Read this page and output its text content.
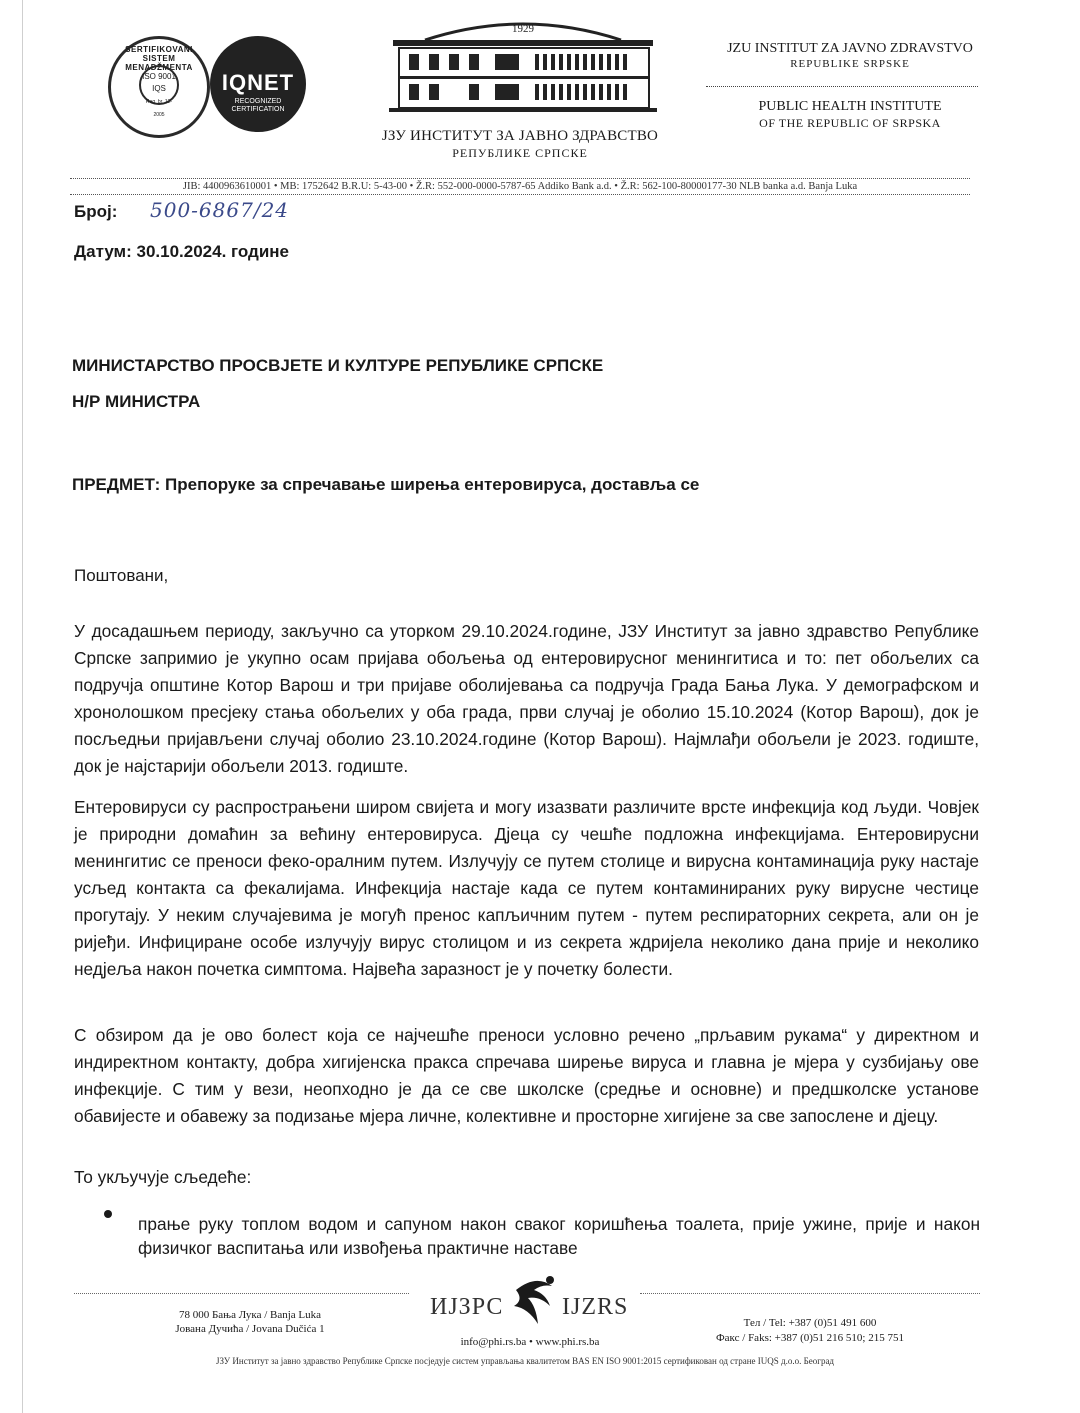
SERTIFIKOVANI SISTEM MENADŽMENTA
ISO 9001
IQS
Reg. br. 12-2005
IQNET
RECOGNIZED
CERTIFICATION
1929
ЈЗУ ИНСТИТУТ ЗА ЈАВНО ЗДРАВСТВО
РЕПУБЛИКЕ СРПСКЕ
JZU INSTITUT ZA JAVNO ZDRAVSTVO
REPUBLIKE SRPSKE
PUBLIC HEALTH INSTITUTE
OF THE REPUBLIC OF SRPSKA
JIB: 4400963610001 • MB: 1752642 B.R.U: 5-43-00 • Ž.R: 552-000-0000-5787-65 Addiko Bank a.d. • Ž.R: 562-100-80000177-30 NLB banka a.d. Banja Luka
Број: 500-6867/24
Датум: 30.10.2024. године
МИНИСТАРСТВО ПРОСВЈЕТЕ И КУЛТУРЕ РЕПУБЛИКЕ СРПСКЕ
Н/Р МИНИСТРА
ПРЕДМЕТ: Препоруке за спречавање ширења ентеровируса, доставља се
Поштовани,

У досадашњем периоду, закључно са уторком 29.10.2024.године, ЈЗУ Институт за јавно здравство Републике Српске запримио је укупно осам пријава обољења од ентеровирусног менингитиса и то: пет обољелих са подручја општине Котор Варош и три пријаве оболијевања са подручја Града Бања Лука. У демографском и хронолошком пресјеку стања обољелих у оба града, први случај је оболио 15.10.2024 (Котор Варош), док је посљедњи пријављени случај оболио 23.10.2024.године (Котор Варош). Најмлађи обољели је 2023. годиште, док је најстарији обољели 2013. годиште.

Ентеровируси су распрострањени широм свијета и могу изазвати различите врсте инфекција код људи. Човјек је природни домаћин за већину ентеровируса. Дјеца су чешће подложна инфекцијама. Ентеровирусни менингитис се преноси феко-оралним путем. Излучују се путем столице и вирусна контаминација руку настаје усљед контакта са фекалијама. Инфекција настаје када се путем контаминираних руку вирусне честице прогутају. У неким случајевима је могућ пренос капљичним путем - путем респираторних секрета, али он је ријeђи. Инфициране особе излучују вирус столицом и из секрета ждријела неколико дана прије и неколико недјеља након почетка симптома. Највећа заразност је у почетку болести.

С обзиром да је ово болест која се најчешће преноси условно речено „прљавим рукама“ у директном и индиректном контакту, добра хигијенска пракса спречава ширење вируса и главна је мјера у сузбијању ове инфекције. С тим у вези, неопходно је да се све школске (средње и основне) и предшколске установе обавијесте и обавежу за подизање мјера личне, колективне и просторне хигијене за све запослене и дјецу.

То укључује сљедеће:

прање руку топлом водом и сапуном након сваког коришћења тоалета, прије ужине, прије и након физичког васпитања или извођења практичне наставе

78 000 Бања Лука / Banja Luka
Јована Дучића / Jovana Dučića 1
ИЈЗРС IJZRS
info@phi.rs.ba • www.phi.rs.ba
Тел / Tel: +387 (0)51 491 600
Факс / Faks: +387 (0)51 216 510; 215 751
ЈЗУ Институт за јавно здравство Републике Српске посједује систем управљања квалитетом BAS EN ISO 9001:2015 сертификован од стране IUQS д.о.о. Београд
